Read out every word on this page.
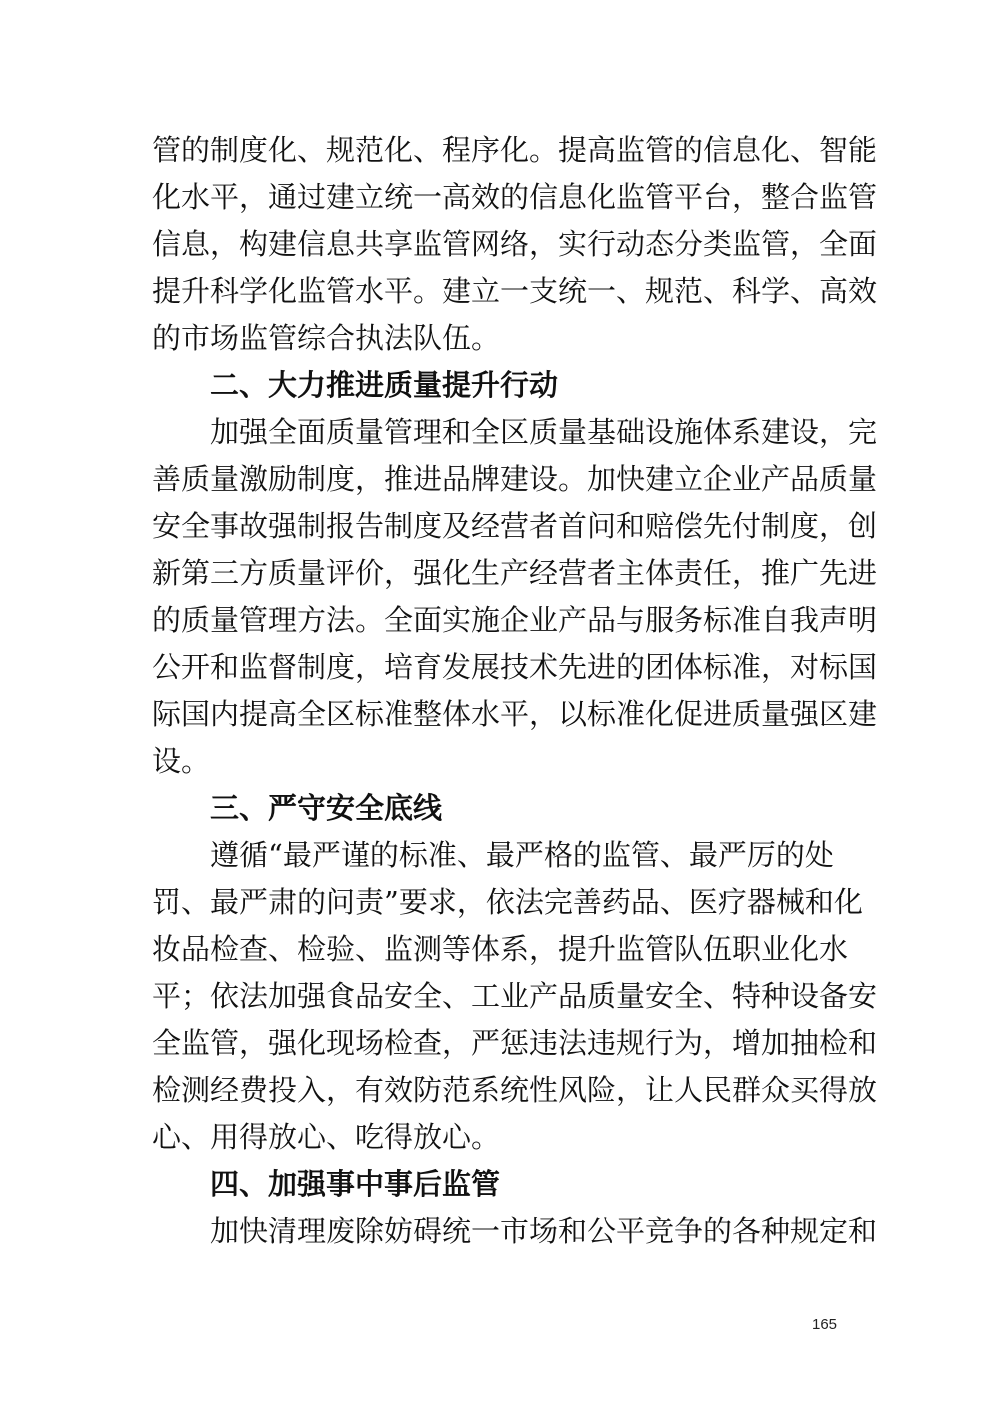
管的制度化、规范化、程序化。提高监管的信息化、智能
化水平，通过建立统一高效的信息化监管平台，整合监管
信息，构建信息共享监管网络，实行动态分类监管，全面
提升科学化监管水平。建立一支统一、规范、科学、高效
的市场监管综合执法队伍。
二、大力推进质量提升行动
加强全面质量管理和全区质量基础设施体系建设，完
善质量激励制度，推进品牌建设。加快建立企业产品质量
安全事故强制报告制度及经营者首问和赔偿先付制度，创
新第三方质量评价，强化生产经营者主体责任，推广先进
的质量管理方法。全面实施企业产品与服务标准自我声明
公开和监督制度，培育发展技术先进的团体标准，对标国
际国内提高全区标准整体水平，以标准化促进质量强区建
设。
三、严守安全底线
遵循“最严谨的标准、最严格的监管、最严厉的处
罚、最严肃的问责”要求，依法完善药品、医疗器械和化
妆品检查、检验、监测等体系，提升监管队伍职业化水
平；依法加强食品安全、工业产品质量安全、特种设备安
全监管，强化现场检查，严惩违法违规行为，增加抽检和
检测经费投入，有效防范系统性风险，让人民群众买得放
心、用得放心、吃得放心。
四、加强事中事后监管
加快清理废除妨碍统一市场和公平竞争的各种规定和
165
